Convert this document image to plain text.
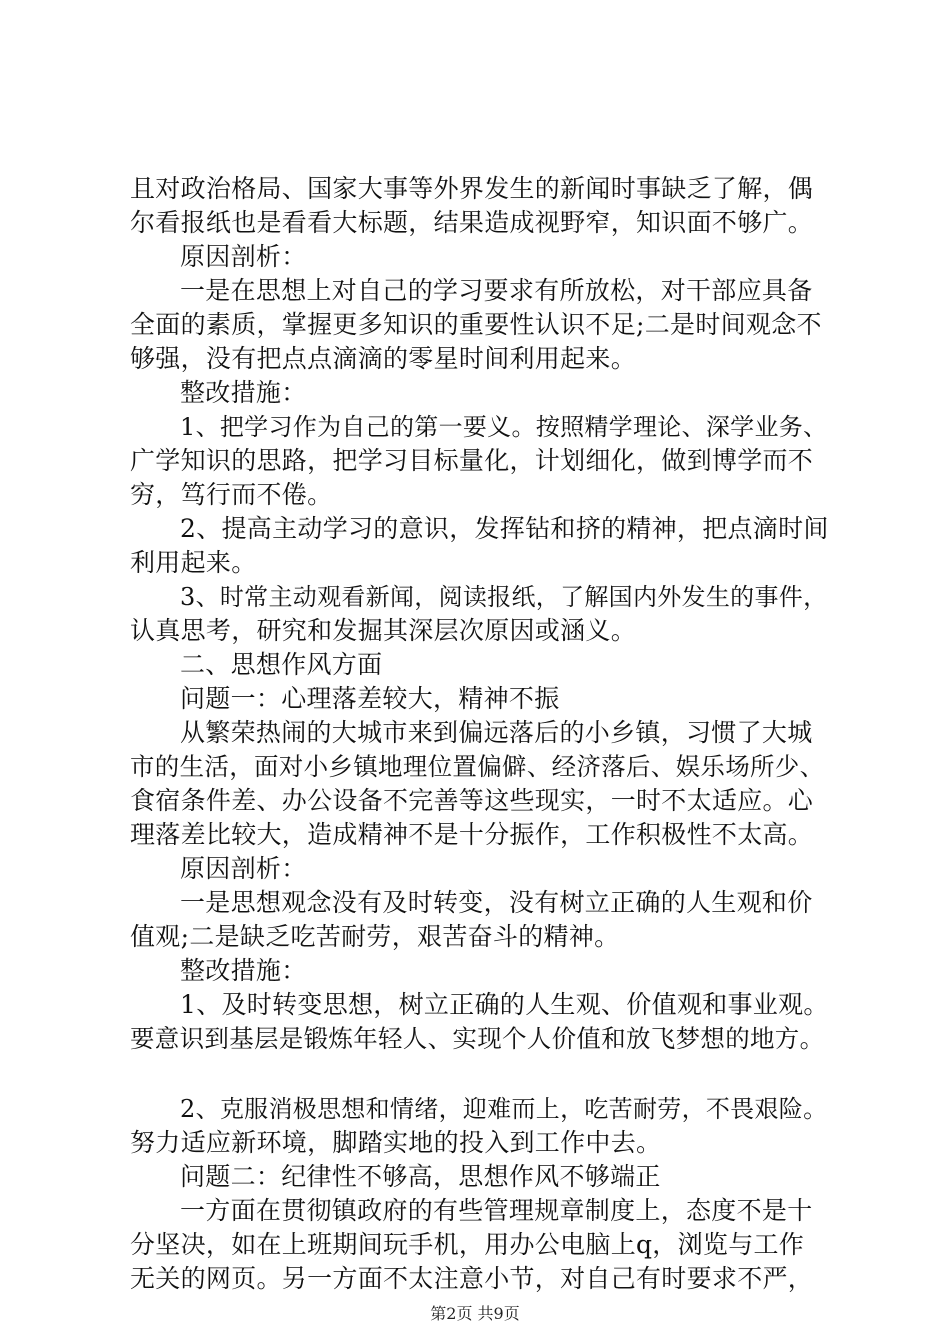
且对政治格局、国家大事等外界发生的新闻时事缺乏了解，偶
尔看报纸也是看看大标题，结果造成视野窄，知识面不够广。
原因剖析：
一是在思想上对自己的学习要求有所放松，对干部应具备
全面的素质，掌握更多知识的重要性认识不足;二是时间观念不
够强，没有把点点滴滴的零星时间利用起来。
整改措施：
1、把学习作为自己的第一要义。按照精学理论、深学业务、
广学知识的思路，把学习目标量化，计划细化，做到博学而不
穷，笃行而不倦。
2、提高主动学习的意识，发挥钻和挤的精神，把点滴时间
利用起来。
3、时常主动观看新闻，阅读报纸，了解国内外发生的事件，
认真思考，研究和发掘其深层次原因或涵义。
二、思想作风方面
问题一：心理落差较大，精神不振
从繁荣热闹的大城市来到偏远落后的小乡镇，习惯了大城
市的生活，面对小乡镇地理位置偏僻、经济落后、娱乐场所少、
食宿条件差、办公设备不完善等这些现实，一时不太适应。心
理落差比较大，造成精神不是十分振作，工作积极性不太高。
原因剖析：
一是思想观念没有及时转变，没有树立正确的人生观和价
值观;二是缺乏吃苦耐劳，艰苦奋斗的精神。
整改措施：
1、及时转变思想，树立正确的人生观、价值观和事业观。
要意识到基层是锻炼年轻人、实现个人价值和放飞梦想的地方。
2、克服消极思想和情绪，迎难而上，吃苦耐劳，不畏艰险。
努力适应新环境，脚踏实地的投入到工作中去。
问题二：纪律性不够高，思想作风不够端正
一方面在贯彻镇政府的有些管理规章制度上，态度不是十
分坚决，如在上班期间玩手机，用办公电脑上q，浏览与工作
无关的网页。另一方面不太注意小节，对自己有时要求不严，
第2页 共9页
